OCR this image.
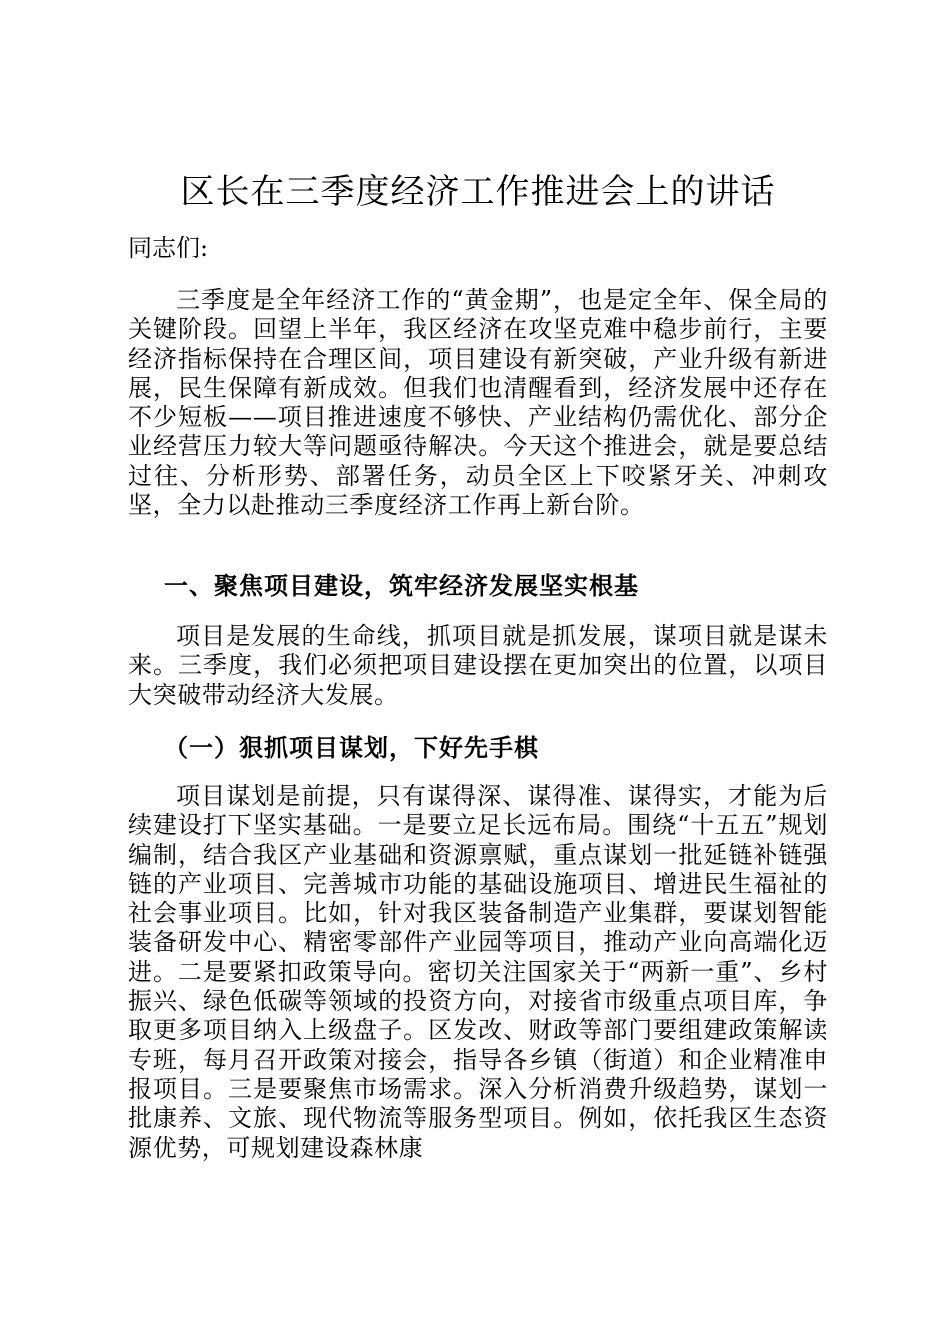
区长在三季度经济工作推进会上的讲话

同志们:

三季度是全年经济工作的“黄金期”，也是定全年、保全局的关键阶段。回望上半年，我区经济在攻坚克难中稳步前行，主要经济指标保持在合理区间，项目建设有新突破，产业升级有新进展，民生保障有新成效。但我们也清醒看到，经济发展中还存在不少短板——项目推进速度不够快、产业结构仍需优化、部分企业经营压力较大等问题亟待解决。今天这个推进会，就是要总结过往、分析形势、部署任务，动员全区上下咬紧牙关、冲刺攻坚，全力以赴推动三季度经济工作再上新台阶。

一、聚焦项目建设，筑牢经济发展坚实根基

项目是发展的生命线，抓项目就是抓发展，谋项目就是谋未来。三季度，我们必须把项目建设摆在更加突出的位置，以项目大突破带动经济大发展。

（一）狠抓项目谋划，下好先手棋

项目谋划是前提，只有谋得深、谋得准、谋得实，才能为后续建设打下坚实基础。一是要立足长远布局。围绕“十五五”规划编制，结合我区产业基础和资源禀赋，重点谋划一批延链补链强链的产业项目、完善城市功能的基础设施项目、增进民生福祉的社会事业项目。比如，针对我区装备制造产业集群，要谋划智能装备研发中心、精密零部件产业园等项目，推动产业向高端化迈进。二是要紧扣政策导向。密切关注国家关于“两新一重”、乡村振兴、绿色低碳等领域的投资方向，对接省市级重点项目库，争取更多项目纳入上级盘子。区发改、财政等部门要组建政策解读专班，每月召开政策对接会，指导各乡镇（街道）和企业精准申报项目。三是要聚焦市场需求。深入分析消费升级趋势，谋划一批康养、文旅、现代物流等服务型项目。例如，依托我区生态资源优势，可规划建设森林康
